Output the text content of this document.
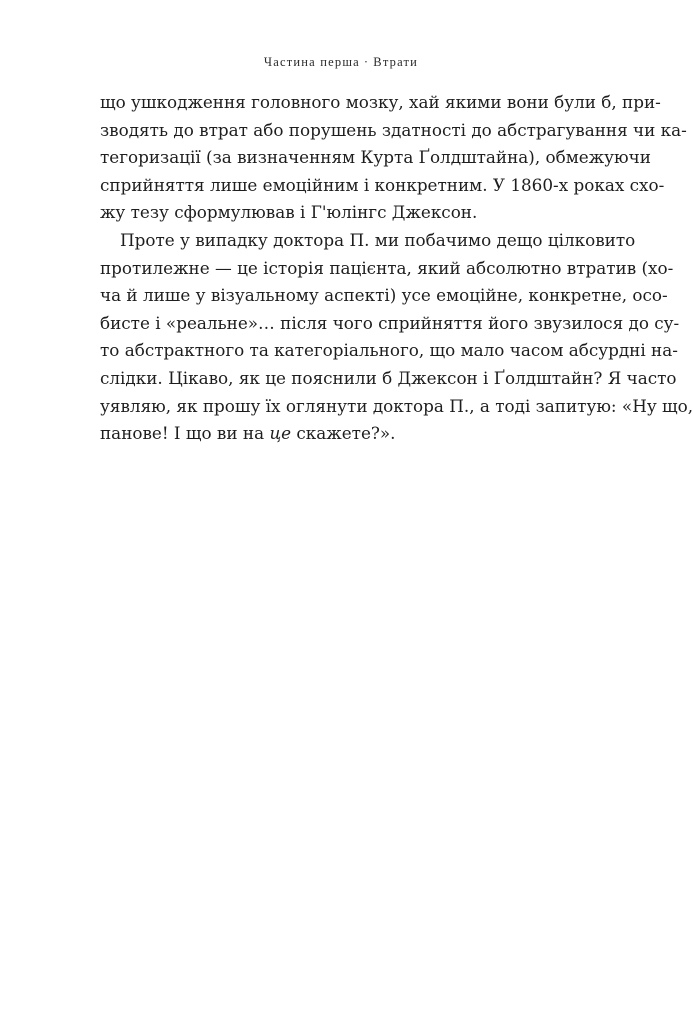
Частина перша · Втрати
що ушкодження головного мозку, хай якими вони були б, при-
зводять до втрат або порушень здатності до абстрагування чи ка-
тегоризації (за визначенням Курта Ґолдштайна), обмежуючи
сприйняття лише емоційним і конкретним. У 1860-х роках схо-
жу тезу сформулював і Г'юлінгс Джексон.
Проте у випадку доктора П. ми побачимо дещо цілковито
протилежне — це історія пацієнта, який абсолютно втратив (хо-
ча й лише у візуальному аспекті) усе емоційне, конкретне, осо-
бисте і «реальне»… після чого сприйняття його звузилося до су-
то абстрактного та категоріального, що мало часом абсурдні на-
слідки. Цікаво, як це пояснили б Джексон і Ґолдштайн? Я часто
уявляю, як прошу їх оглянути доктора П., а тоді запитую: «Ну що,
панове! І що ви на це скажете?».
